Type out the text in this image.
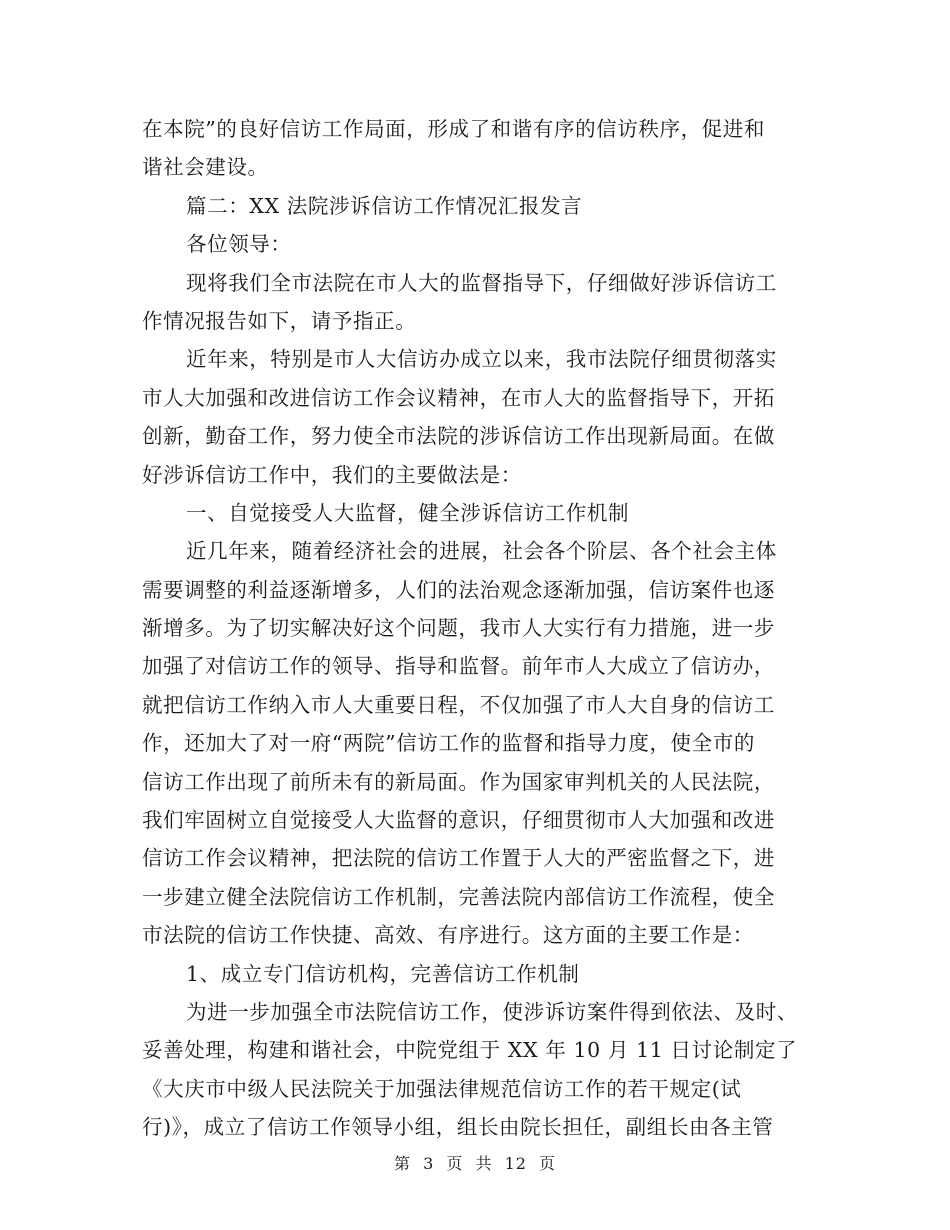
在本院”的良好信访工作局面，形成了和谐有序的信访秩序，促进和
谐社会建设。
篇二：XX 法院涉诉信访工作情况汇报发言
各位领导：
现将我们全市法院在市人大的监督指导下，仔细做好涉诉信访工
作情况报告如下，请予指正。
近年来，特别是市人大信访办成立以来，我市法院仔细贯彻落实
市人大加强和改进信访工作会议精神，在市人大的监督指导下，开拓
创新，勤奋工作，努力使全市法院的涉诉信访工作出现新局面。在做
好涉诉信访工作中，我们的主要做法是：
一、自觉接受人大监督，健全涉诉信访工作机制
近几年来，随着经济社会的进展，社会各个阶层、各个社会主体
需要调整的利益逐渐增多，人们的法治观念逐渐加强，信访案件也逐
渐增多。为了切实解决好这个问题，我市人大实行有力措施，进一步
加强了对信访工作的领导、指导和监督。前年市人大成立了信访办，
就把信访工作纳入市人大重要日程，不仅加强了市人大自身的信访工
作，还加大了对一府“两院”信访工作的监督和指导力度，使全市的
信访工作出现了前所未有的新局面。作为国家审判机关的人民法院，
我们牢固树立自觉接受人大监督的意识，仔细贯彻市人大加强和改进
信访工作会议精神，把法院的信访工作置于人大的严密监督之下，进
一步建立健全法院信访工作机制，完善法院内部信访工作流程，使全
市法院的信访工作快捷、高效、有序进行。这方面的主要工作是：
1、成立专门信访机构，完善信访工作机制
为进一步加强全市法院信访工作，使涉诉访案件得到依法、及时、
妥善处理，构建和谐社会，中院党组于 XX 年 10 月 11 日讨论制定了
《大庆市中级人民法院关于加强法律规范信访工作的若干规定(试
行)》，成立了信访工作领导小组，组长由院长担任，副组长由各主管
第 3 页 共 12 页
